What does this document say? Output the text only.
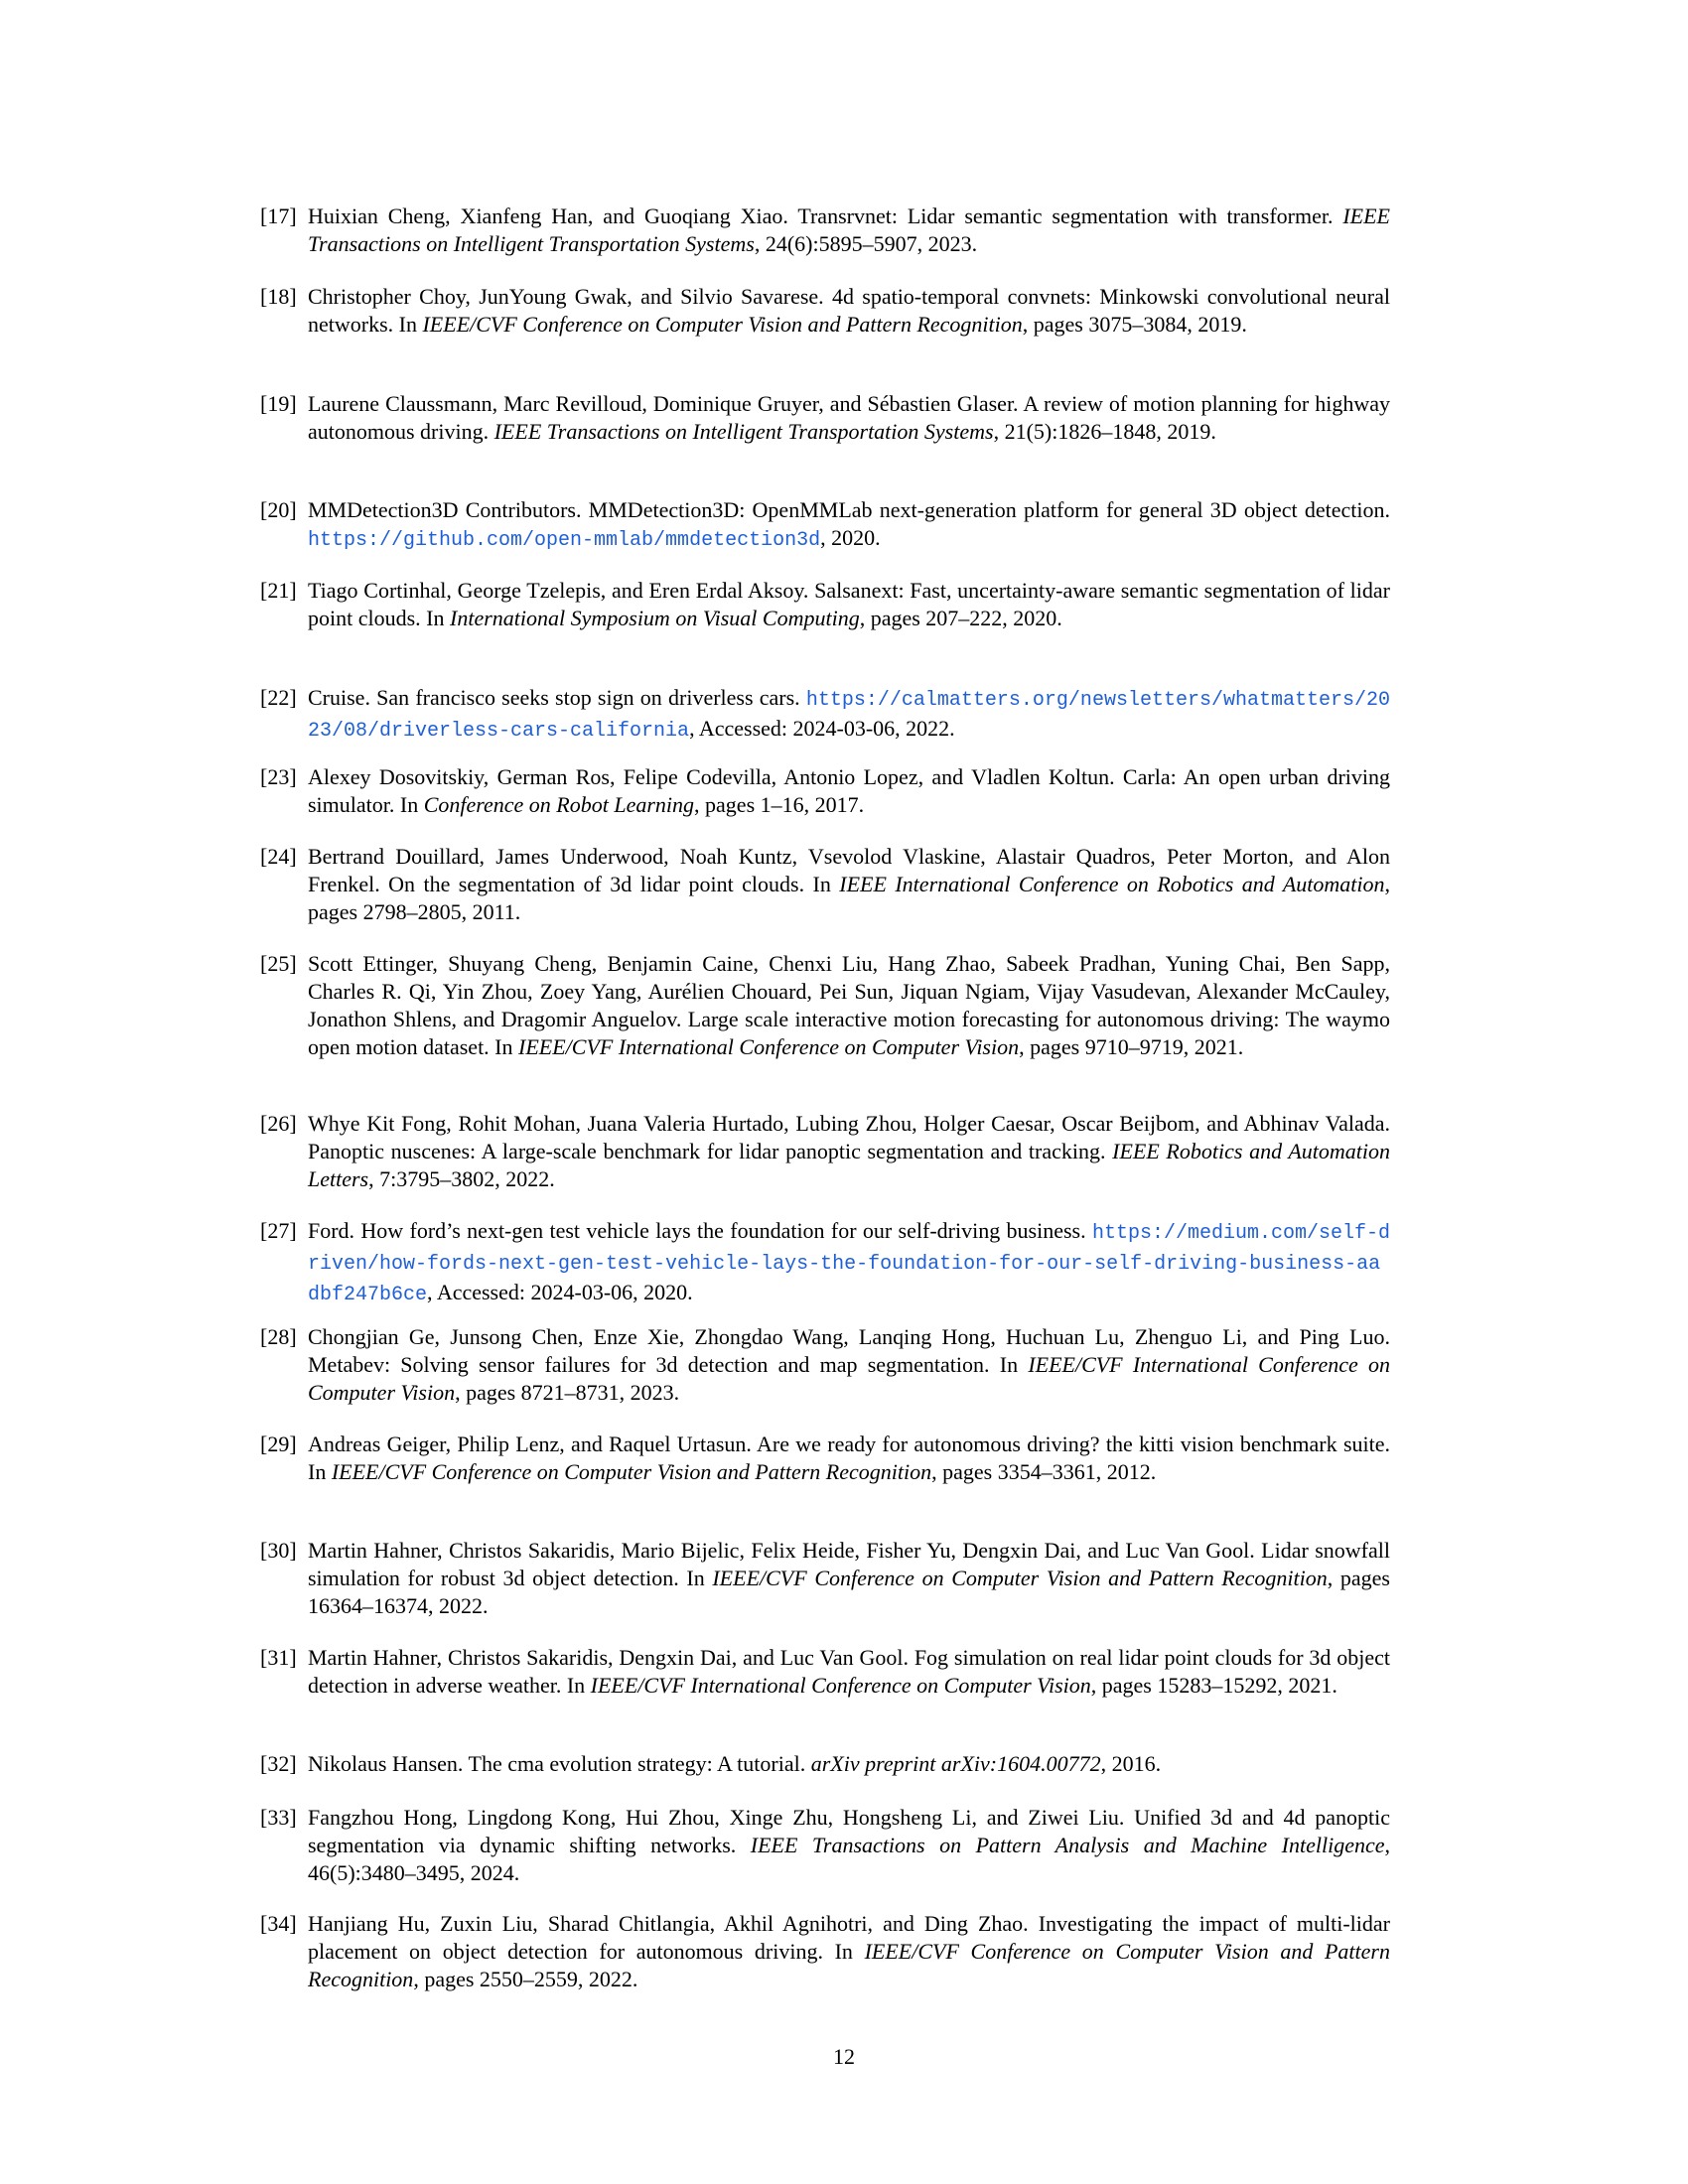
[17] Huixian Cheng, Xianfeng Han, and Guoqiang Xiao. Transrvnet: Lidar semantic segmentation with transformer. IEEE Transactions on Intelligent Transportation Systems, 24(6):5895–5907, 2023.
[18] Christopher Choy, JunYoung Gwak, and Silvio Savarese. 4d spatio-temporal convnets: Minkowski convolutional neural networks. In IEEE/CVF Conference on Computer Vision and Pattern Recognition, pages 3075–3084, 2019.
[19] Laurene Claussmann, Marc Revilloud, Dominique Gruyer, and Sébastien Glaser. A review of motion planning for highway autonomous driving. IEEE Transactions on Intelligent Transportation Systems, 21(5):1826–1848, 2019.
[20] MMDetection3D Contributors. MMDetection3D: OpenMMLab next-generation platform for general 3D object detection. https://github.com/open-mmlab/mmdetection3d, 2020.
[21] Tiago Cortinhal, George Tzelepis, and Eren Erdal Aksoy. Salsanext: Fast, uncertainty-aware semantic segmentation of lidar point clouds. In International Symposium on Visual Computing, pages 207–222, 2020.
[22] Cruise. San francisco seeks stop sign on driverless cars. https://calmatters.org/newsletters/whatmatters/2023/08/driverless-cars-california, Accessed: 2024-03-06, 2022.
[23] Alexey Dosovitskiy, German Ros, Felipe Codevilla, Antonio Lopez, and Vladlen Koltun. Carla: An open urban driving simulator. In Conference on Robot Learning, pages 1–16, 2017.
[24] Bertrand Douillard, James Underwood, Noah Kuntz, Vsevolod Vlaskine, Alastair Quadros, Peter Morton, and Alon Frenkel. On the segmentation of 3d lidar point clouds. In IEEE International Conference on Robotics and Automation, pages 2798–2805, 2011.
[25] Scott Ettinger, Shuyang Cheng, Benjamin Caine, Chenxi Liu, Hang Zhao, Sabeek Pradhan, Yuning Chai, Ben Sapp, Charles R. Qi, Yin Zhou, Zoey Yang, Aurélien Chouard, Pei Sun, Jiquan Ngiam, Vijay Vasudevan, Alexander McCauley, Jonathon Shlens, and Dragomir Anguelov. Large scale interactive motion forecasting for autonomous driving: The waymo open motion dataset. In IEEE/CVF International Conference on Computer Vision, pages 9710–9719, 2021.
[26] Whye Kit Fong, Rohit Mohan, Juana Valeria Hurtado, Lubing Zhou, Holger Caesar, Oscar Beijbom, and Abhinav Valada. Panoptic nuscenes: A large-scale benchmark for lidar panoptic segmentation and tracking. IEEE Robotics and Automation Letters, 7:3795–3802, 2022.
[27] Ford. How ford’s next-gen test vehicle lays the foundation for our self-driving business. https://medium.com/self-driven/how-fords-next-gen-test-vehicle-lays-the-foundation-for-our-self-driving-business-aadbf247b6ce, Accessed: 2024-03-06, 2020.
[28] Chongjian Ge, Junsong Chen, Enze Xie, Zhongdao Wang, Lanqing Hong, Huchuan Lu, Zhenguo Li, and Ping Luo. Metabev: Solving sensor failures for 3d detection and map segmentation. In IEEE/CVF International Conference on Computer Vision, pages 8721–8731, 2023.
[29] Andreas Geiger, Philip Lenz, and Raquel Urtasun. Are we ready for autonomous driving? the kitti vision benchmark suite. In IEEE/CVF Conference on Computer Vision and Pattern Recognition, pages 3354–3361, 2012.
[30] Martin Hahner, Christos Sakaridis, Mario Bijelic, Felix Heide, Fisher Yu, Dengxin Dai, and Luc Van Gool. Lidar snowfall simulation for robust 3d object detection. In IEEE/CVF Conference on Computer Vision and Pattern Recognition, pages 16364–16374, 2022.
[31] Martin Hahner, Christos Sakaridis, Dengxin Dai, and Luc Van Gool. Fog simulation on real lidar point clouds for 3d object detection in adverse weather. In IEEE/CVF International Conference on Computer Vision, pages 15283–15292, 2021.
[32] Nikolaus Hansen. The cma evolution strategy: A tutorial. arXiv preprint arXiv:1604.00772, 2016.
[33] Fangzhou Hong, Lingdong Kong, Hui Zhou, Xinge Zhu, Hongsheng Li, and Ziwei Liu. Unified 3d and 4d panoptic segmentation via dynamic shifting networks. IEEE Transactions on Pattern Analysis and Machine Intelligence, 46(5):3480–3495, 2024.
[34] Hanjiang Hu, Zuxin Liu, Sharad Chitlangia, Akhil Agnihotri, and Ding Zhao. Investigating the impact of multi-lidar placement on object detection for autonomous driving. In IEEE/CVF Conference on Computer Vision and Pattern Recognition, pages 2550–2559, 2022.
12
